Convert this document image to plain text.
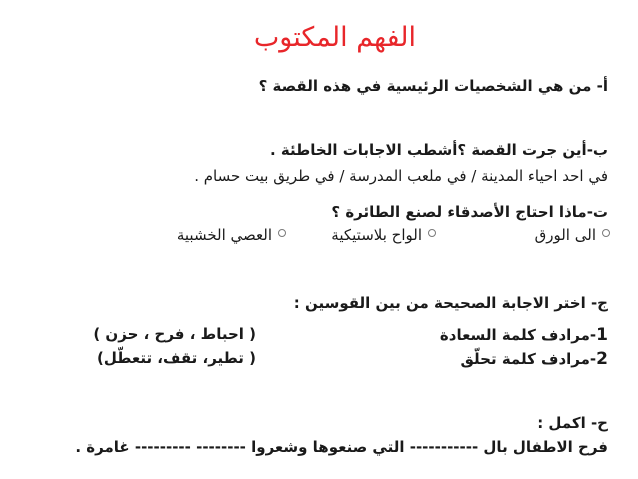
الفهم المكتوب
أ- من هي الشخصيات الرئيسية في هذه القصة ؟
ب-أين جرت القصة ؟أشطب الاجابات الخاطئة .
في احد احياء المدينة / في ملعب المدرسة / في طريق بيت حسام .
ت-ماذا احتاج الأصدقاء لصنع الطائرة ؟
الى الورق
الواح بلاستيكية
العصي الخشبية
ج- اختر الاجابة الصحيحة من بين القوسين :
1-مرادف كلمة السعادة
( احباط ، فرح ، حزن )
2-مرادف كلمة تحلّق
( تطير، تقف، تتعطّل)
ح- اكمل :
فرح الاطفال بال ----------- التي صنعوها وشعروا -------- --------- غامرة .
